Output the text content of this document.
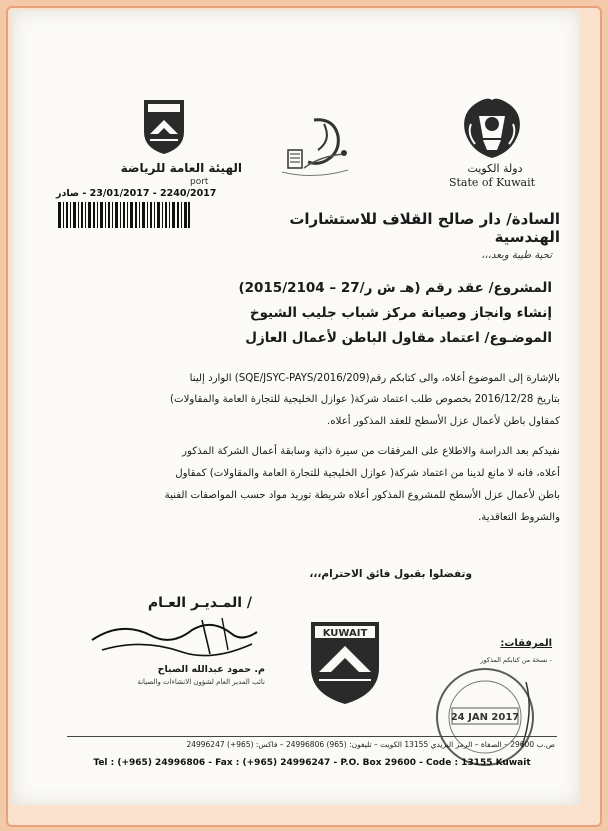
دولة الكويت
State of Kuwait
الهيئة العامة للرياضة
port
2240/2017 - 23/01/2017 - صادر
السادة/ دار صالح القلاف للاستشارات الهندسية
تحية طيبة وبعد،،،
المشروع/ عقد رقم (هـ ش ر/27 – 2015/2104)
إنشاء وانجاز وصيانة مركز شباب جليب الشيوخ
الموضـوع/ اعتماد مقاول الباطن لأعمال العازل
بالإشارة إلى الموضوع أعلاه، والى كتابكم رقم(SQE/JSYC-PAYS/2016/209) الوارد إلينا
بتاريخ 2016/12/28 بخصوص طلب اعتماد شركة( عوازل الخليجية للتجارة العامة والمقاولات)
كمقاول باطن لأعمال عزل الأسطح للعقد المذكور أعلاه.
نفيدكم بعد الدراسة والاطلاع على المرفقات من سيرة ذاتية وسابقة أعمال الشركة المذكور
أعلاه، فانه لا مانع لدينا من اعتماد شركة( عوازل الخليجية للتجارة العامة والمقاولات) كمقاول
باطن لأعمال عزل الأسطح للمشروع المذكور أعلاه شريطة توريد مواد حسب المواصفات الفنية
والشروط التعاقدية.
وتفضلوا بقبول فائق الاحترام،،،
/ المـديـر العـام
م. حمود عبدالله الصباح
نائب المدير العام لشؤون الانشاءات والصيانة
KUWAIT
المرفقات:
- نسخة من كتابكم المذكور
24 JAN 2017
ص.ب 29600 – الصفاة – الرمز البريدي 13155 الكويت – تليفون: (965) 24996806 – فاكس: (965+) 24996247
Tel : (+965) 24996806 - Fax : (+965) 24996247 - P.O. Box 29600 - Code : 13155 Kuwait
